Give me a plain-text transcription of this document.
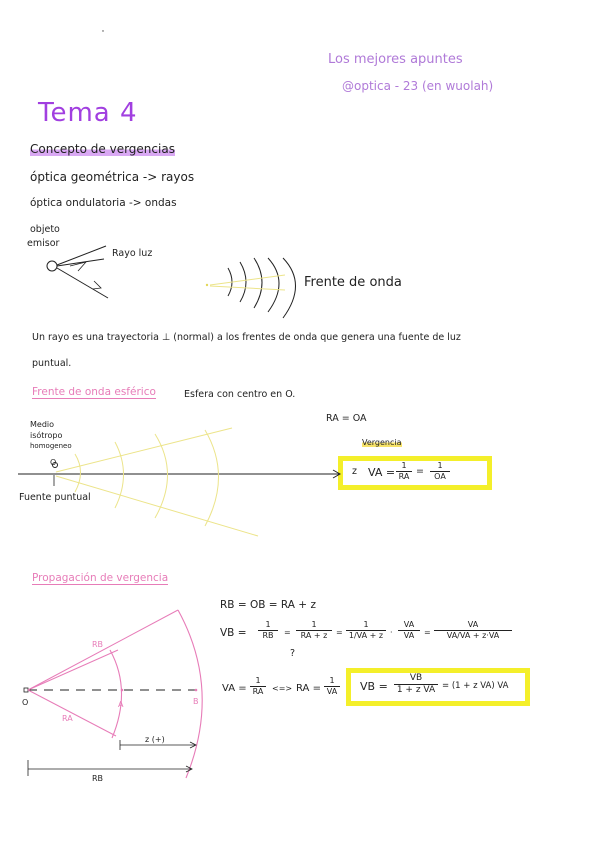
Los mejores apuntes
@optica - 23 (en wuolah)
Tema 4
Concepto de vergencias
óptica geométrica -> rayos
óptica ondulatoria -> ondas
objeto
emisor
Rayo luz
Frente de onda
Un rayo es una trayectoria ⊥ (normal) a los frentes de onda que genera una fuente de luz
puntual.
Frente de onda esférico	Esfera con centro en O.
RA = OA
Medio
isótropo
homogeneo
O
Fuente puntual
Vergencia
z VA = $\frac{1}{RA} = \frac{1}{OA}$
Propagación de vergencia
RB = OB = RA + z
VB = $\frac{1}{RB} = \frac{1}{RA + z} = \frac{1}{1/VA + z} \cdot \frac{VA}{VA} = \frac{VA}{VA/VA + z\cdot VA}$
?
VA = $\frac{1}{RA}$ <=> RA = $\frac{1}{VA}$ VB = $\frac{VB}{\text{1 + z VA}} = (1 + z$ VA) VA
RB
RA
O	A	B
z (+)
RB
